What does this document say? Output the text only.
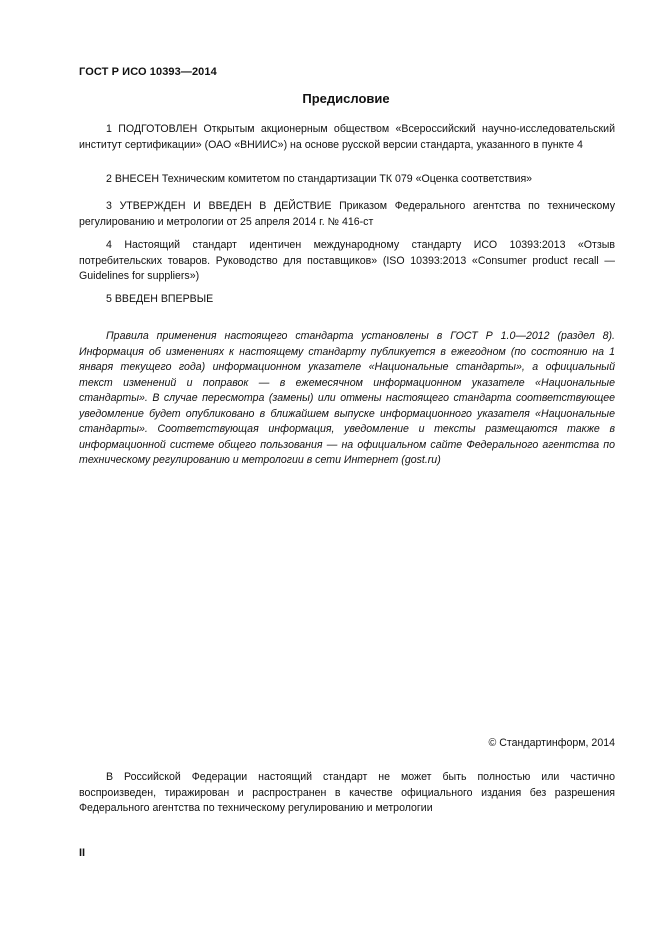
ГОСТ Р ИСО 10393—2014
Предисловие

1 ПОДГОТОВЛЕН Открытым акционерным обществом «Всероссийский научно-исследовательский институт сертификации» (ОАО «ВНИИС») на основе русской версии стандарта, указанного в пункте 4

2 ВНЕСЕН Техническим комитетом по стандартизации ТК 079 «Оценка соответствия»

3 УТВЕРЖДЕН И ВВЕДЕН В ДЕЙСТВИЕ Приказом Федерального агентства по техническому регулированию и метрологии от 25 апреля 2014 г. № 416-ст

4 Настоящий стандарт идентичен международному стандарту ИСО 10393:2013 «Отзыв потребительских товаров. Руководство для поставщиков» (ISO 10393:2013 «Consumer product recall — Guidelines for suppliers»)

5 ВВЕДЕН ВПЕРВЫЕ

Правила применения настоящего стандарта установлены в ГОСТ Р 1.0—2012 (раздел 8). Информация об изменениях к настоящему стандарту публикуется в ежегодном (по состоянию на 1 января текущего года) информационном указателе «Национальные стандарты», а официальный текст изменений и поправок — в ежемесячном информационном указателе «Национальные стандарты». В случае пересмотра (замены) или отмены настоящего стандарта соответствующее уведомление будет опубликовано в ближайшем выпуске информационного указателя «Национальные стандарты». Соответствующая информация, уведомление и тексты размещаются также в информационной системе общего пользования — на официальном сайте Федерального агентства по техническому регулированию и метрологии в сети Интернет (gost.ru)

© Стандартинформ, 2014

В Российской Федерации настоящий стандарт не может быть полностью или частично воспроизведен, тиражирован и распространен в качестве официального издания без разрешения Федерального агентства по техническому регулированию и метрологии

II
